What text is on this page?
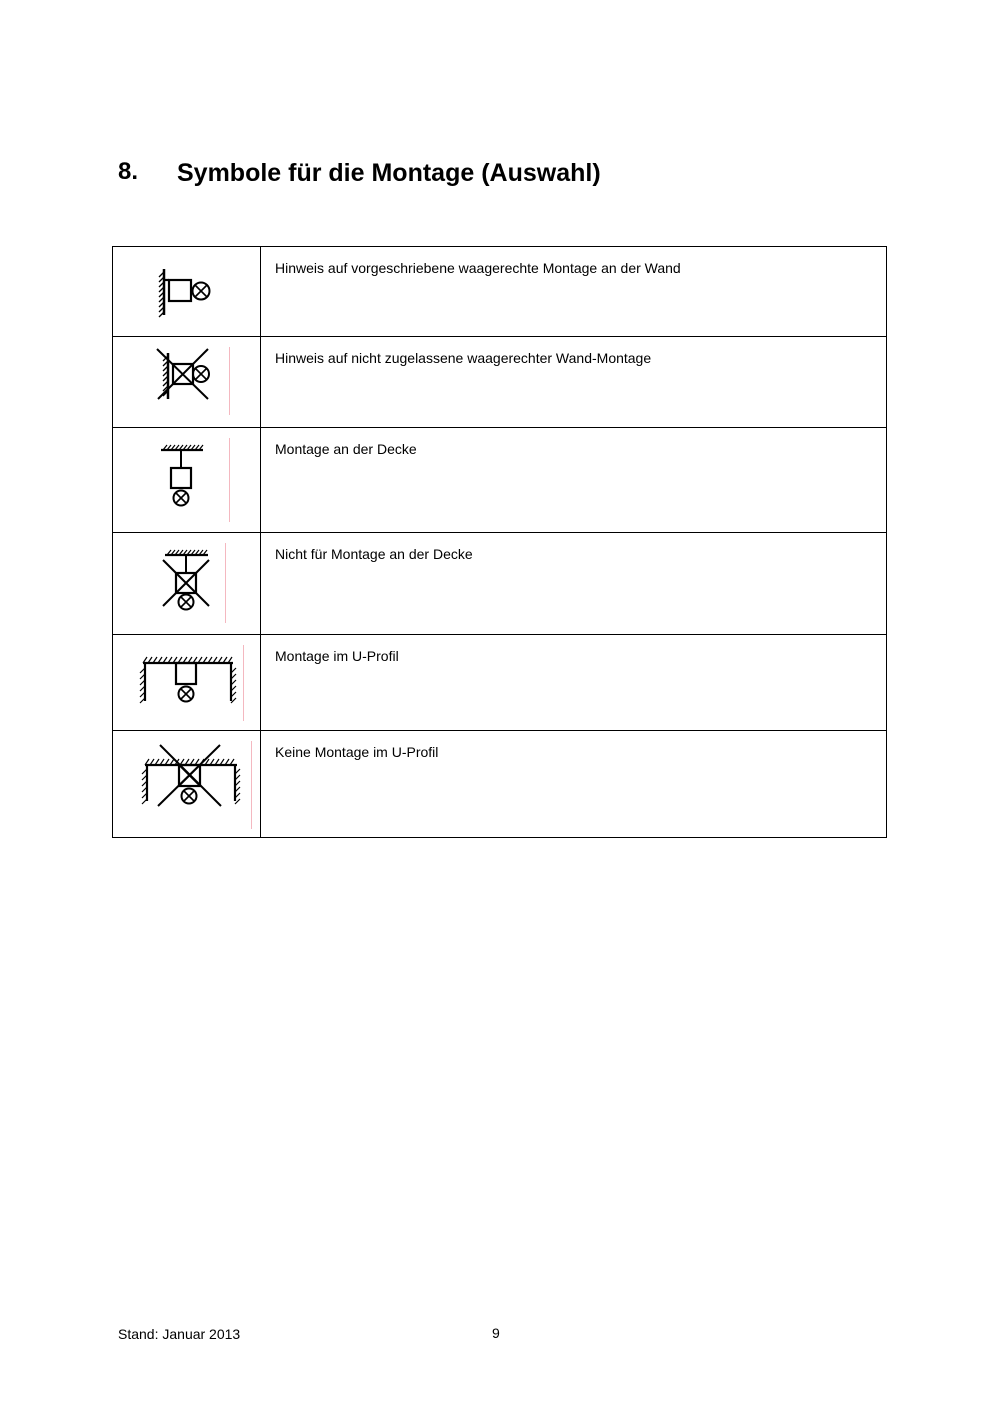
8. Symbole für die Montage (Auswahl)
	Hinweis auf vorgeschriebene waagerechte Montage an der Wand

	Hinweis auf nicht zugelassene waagerechter Wand-Montage

	Montage an der Decke

	Nicht für Montage an der Decke

	Montage im U-Profil

	Keine Montage im U-Profil
Stand: Januar 2013	9
